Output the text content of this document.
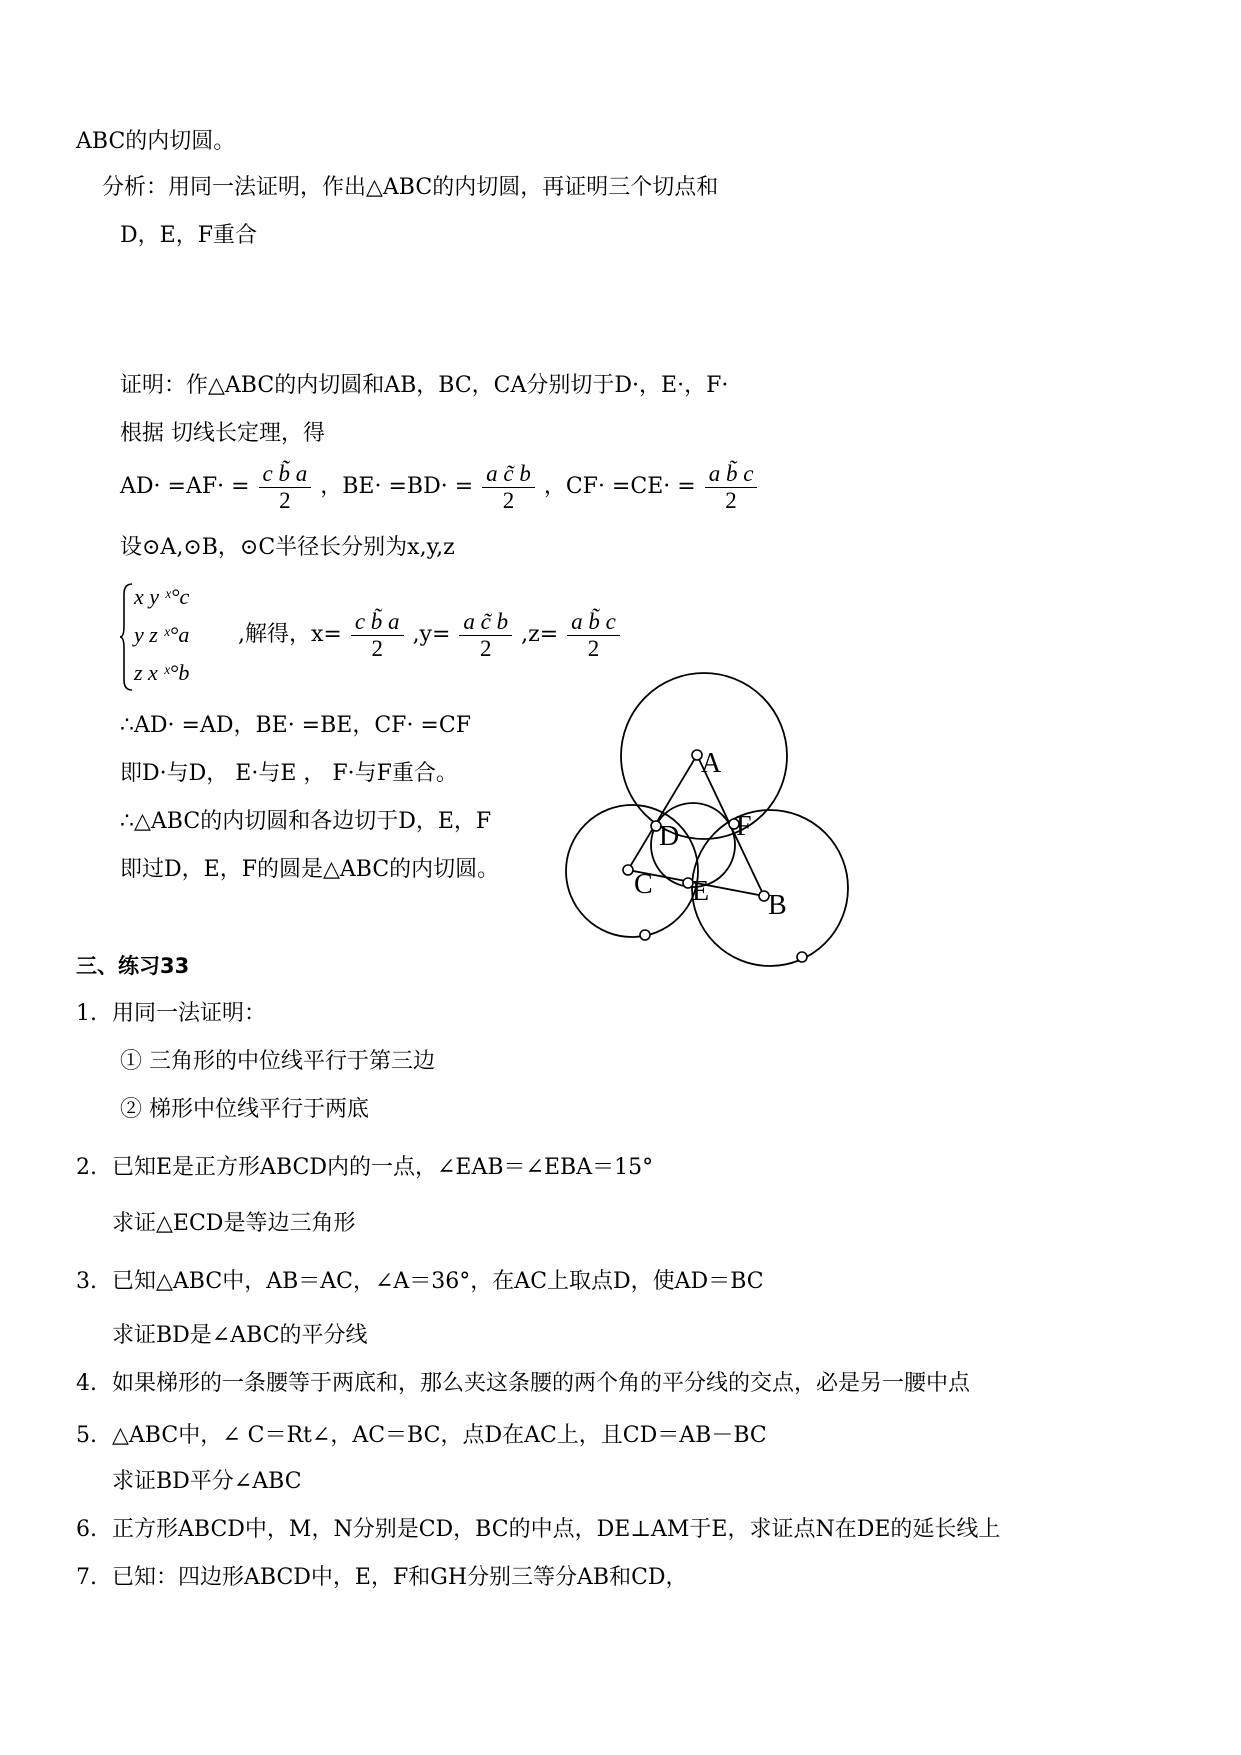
ABC的内切圆。
分析：用同一法证明，作出△ABC的内切圆，再证明三个切点和
D，E，F重合
证明：作△ABC的内切圆和AB，BC，CA分别切于D·，E·，F·
根据 切线长定理，得
$AD\cdot =AF\cdot = \frac{\text{c b̃ a}}{2}$ ，$BE\cdot =BD\cdot = \frac{\text{a c̃ b}}{2}$ ，$CF\cdot =CE\cdot = \frac{\text{a b̃ c}}{2}$
设⊙A,⊙B，⊙C半径长分别为x,y,z
x y ˣ°c
y z ˣ°a
z x ˣ°b
,解得，$x= \frac{\text{c b̃ a}}{2} ,y= \frac{\text{a c̃ b}}{2} ,z= \frac{\text{a b̃ c}}{2}$
∴AD· =AD，BE· =BE，CF· =CF
即D·与D， E·与E ， F·与F重合。
∴△ABC的内切圆和各边切于D，E，F
即过D，E，F的圆是△ABC的内切圆。
A
D F
C E B
三、练习33
1. 用同一法证明：
① 三角形的中位线平行于第三边
② 梯形中位线平行于两底
2. 已知E是正方形ABCD内的一点，∠EAB＝∠EBA＝15°
求证△ECD是等边三角形
3. 已知△ABC中，AB＝AC，∠A＝36°，在AC上取点D，使AD＝BC
求证BD是∠ABC的平分线
4. 如果梯形的一条腰等于两底和，那么夹这条腰的两个角的平分线的交点，必是另一腰中点
5. △ABC中，∠ C＝Rt∠，AC＝BC，点D在AC上，且CD＝AB－BC
求证BD平分∠ABC
6. 正方形ABCD中，M，N分别是CD，BC的中点，DE⊥AM于E，求证点N在DE的延长线上
7. 已知：四边形ABCD中，E，F和GH分别三等分AB和CD，
